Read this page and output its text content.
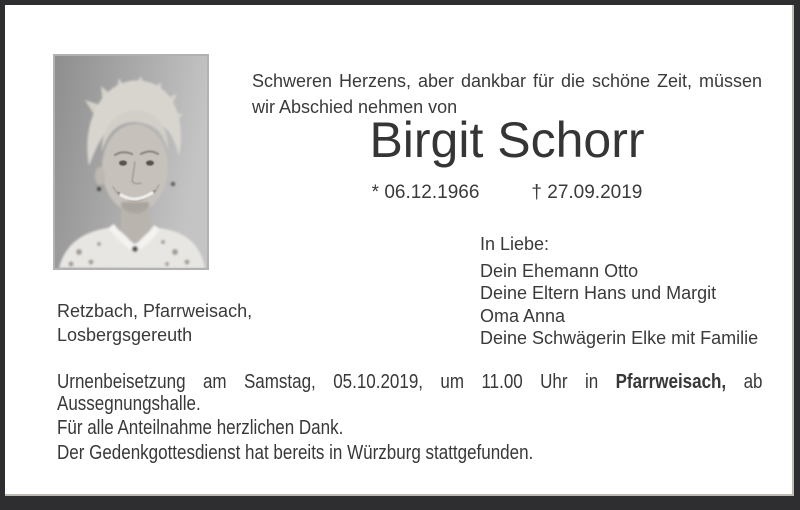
Schweren Herzens, aber dankbar für die schöne Zeit, müssen wir Abschied nehmen von

Birgit Schorr
* 06.12.1966	† 27.09.2019

In Liebe:

Dein Ehemann Otto

Deine Eltern Hans und Margit

Oma Anna

Deine Schwägerin Elke mit Familie

Retzbach, Pfarrweisach,

Losbergsgereuth

Urnenbeisetzung am Samstag, 05.10.2019, um 11.00 Uhr in Pfarrweisach, ab Aussegnungshalle.

Für alle Anteilnahme herzlichen Dank.

Der Gedenkgottesdienst hat bereits in Würzburg stattgefunden.
